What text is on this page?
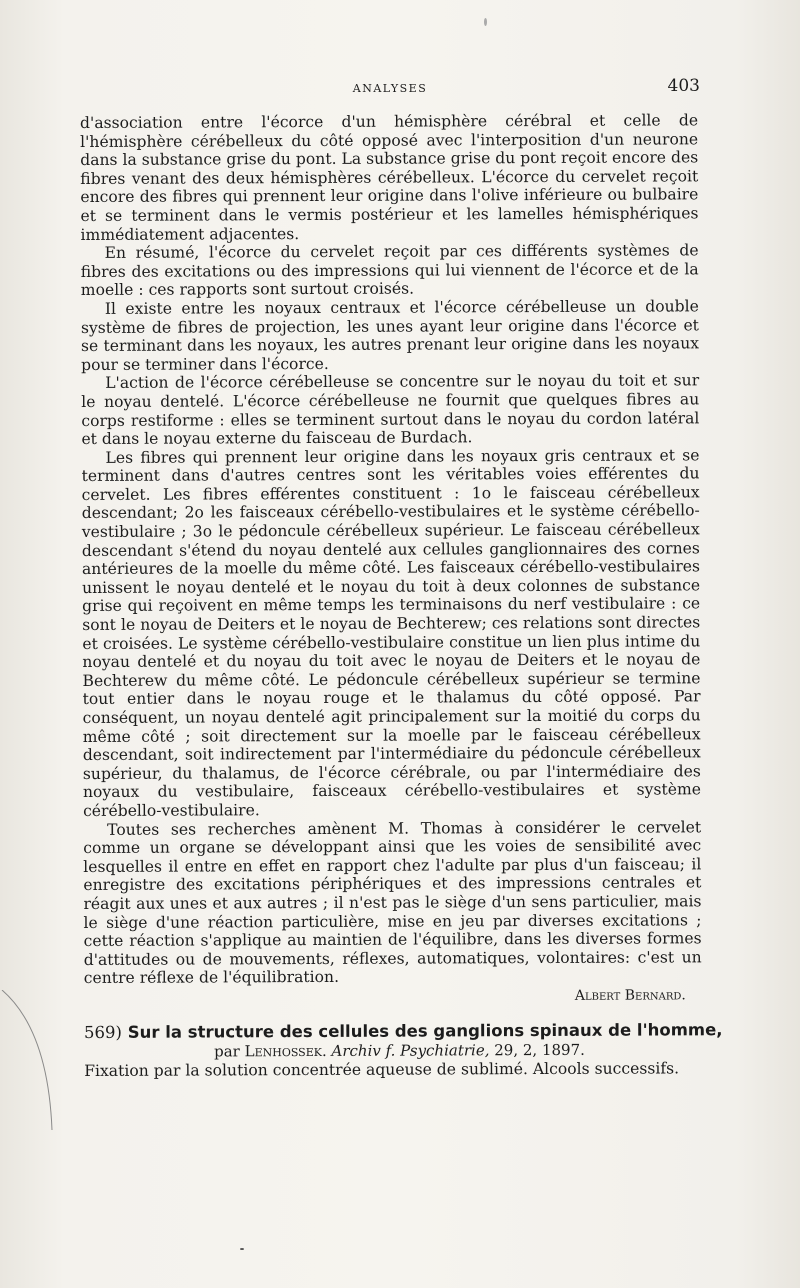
ANALYSES	403

d'association entre l'écorce d'un hémisphère cérébral et celle de l'hémisphère cérébelleux du côté opposé avec l'interposition d'un neurone dans la substance grise du pont. La substance grise du pont reçoit encore des fibres venant des deux hémisphères cérébelleux. L'écorce du cervelet reçoit encore des fibres qui prennent leur origine dans l'olive inférieure ou bulbaire et se terminent dans le vermis postérieur et les lamelles hémisphériques immédiatement adjacentes.

En résumé, l'écorce du cervelet reçoit par ces différents systèmes de fibres des excitations ou des impressions qui lui viennent de l'écorce et de la moelle : ces rapports sont surtout croisés.

Il existe entre les noyaux centraux et l'écorce cérébelleuse un double système de fibres de projection, les unes ayant leur origine dans l'écorce et se terminant dans les noyaux, les autres prenant leur origine dans les noyaux pour se terminer dans l'écorce.

L'action de l'écorce cérébelleuse se concentre sur le noyau du toit et sur le noyau dentelé. L'écorce cérébelleuse ne fournit que quelques fibres au corps restiforme : elles se terminent surtout dans le noyau du cordon latéral et dans le noyau externe du faisceau de Burdach.

Les fibres qui prennent leur origine dans les noyaux gris centraux et se terminent dans d'autres centres sont les véritables voies efférentes du cervelet. Les fibres efférentes constituent : 1o le faisceau cérébelleux descendant; 2o les faisceaux cérébello-vestibulaires et le système cérébello-vestibulaire ; 3o le pédoncule cérébelleux supérieur. Le faisceau cérébelleux descendant s'étend du noyau dentelé aux cellules ganglionnaires des cornes antérieures de la moelle du même côté. Les faisceaux cérébello-vestibulaires unissent le noyau dentelé et le noyau du toit à deux colonnes de substance grise qui reçoivent en même temps les terminaisons du nerf vestibulaire : ce sont le noyau de Deiters et le noyau de Bechterew; ces relations sont directes et croisées. Le système cérébello-vestibulaire constitue un lien plus intime du noyau dentelé et du noyau du toit avec le noyau de Deiters et le noyau de Bechterew du même côté. Le pédoncule cérébelleux supérieur se termine tout entier dans le noyau rouge et le thalamus du côté opposé. Par conséquent, un noyau dentelé agit principalement sur la moitié du corps du même côté ; soit directement sur la moelle par le faisceau cérébelleux descendant, soit indirectement par l'intermédiaire du pédoncule cérébelleux supérieur, du thalamus, de l'écorce cérébrale, ou par l'intermédiaire des noyaux du vestibulaire, faisceaux cérébello-vestibulaires et système cérébello-vestibulaire.

Toutes ses recherches amènent M. Thomas à considérer le cervelet comme un organe se développant ainsi que les voies de sensibilité avec lesquelles il entre en effet en rapport chez l'adulte par plus d'un faisceau; il enregistre des excitations périphériques et des impressions centrales et réagit aux unes et aux autres ; il n'est pas le siège d'un sens particulier, mais le siège d'une réaction particulière, mise en jeu par diverses excitations ; cette réaction s'applique au maintien de l'équilibre, dans les diverses formes d'attitudes ou de mouvements, réflexes, automatiques, volontaires: c'est un centre réflexe de l'équilibration.

Albert Bernard.
569) Sur la structure des cellules des ganglions spinaux de l'homme,
par Lenhossek. Archiv f. Psychiatrie, 29, 2, 1897.

Fixation par la solution concentrée aqueuse de sublimé. Alcools successifs.
